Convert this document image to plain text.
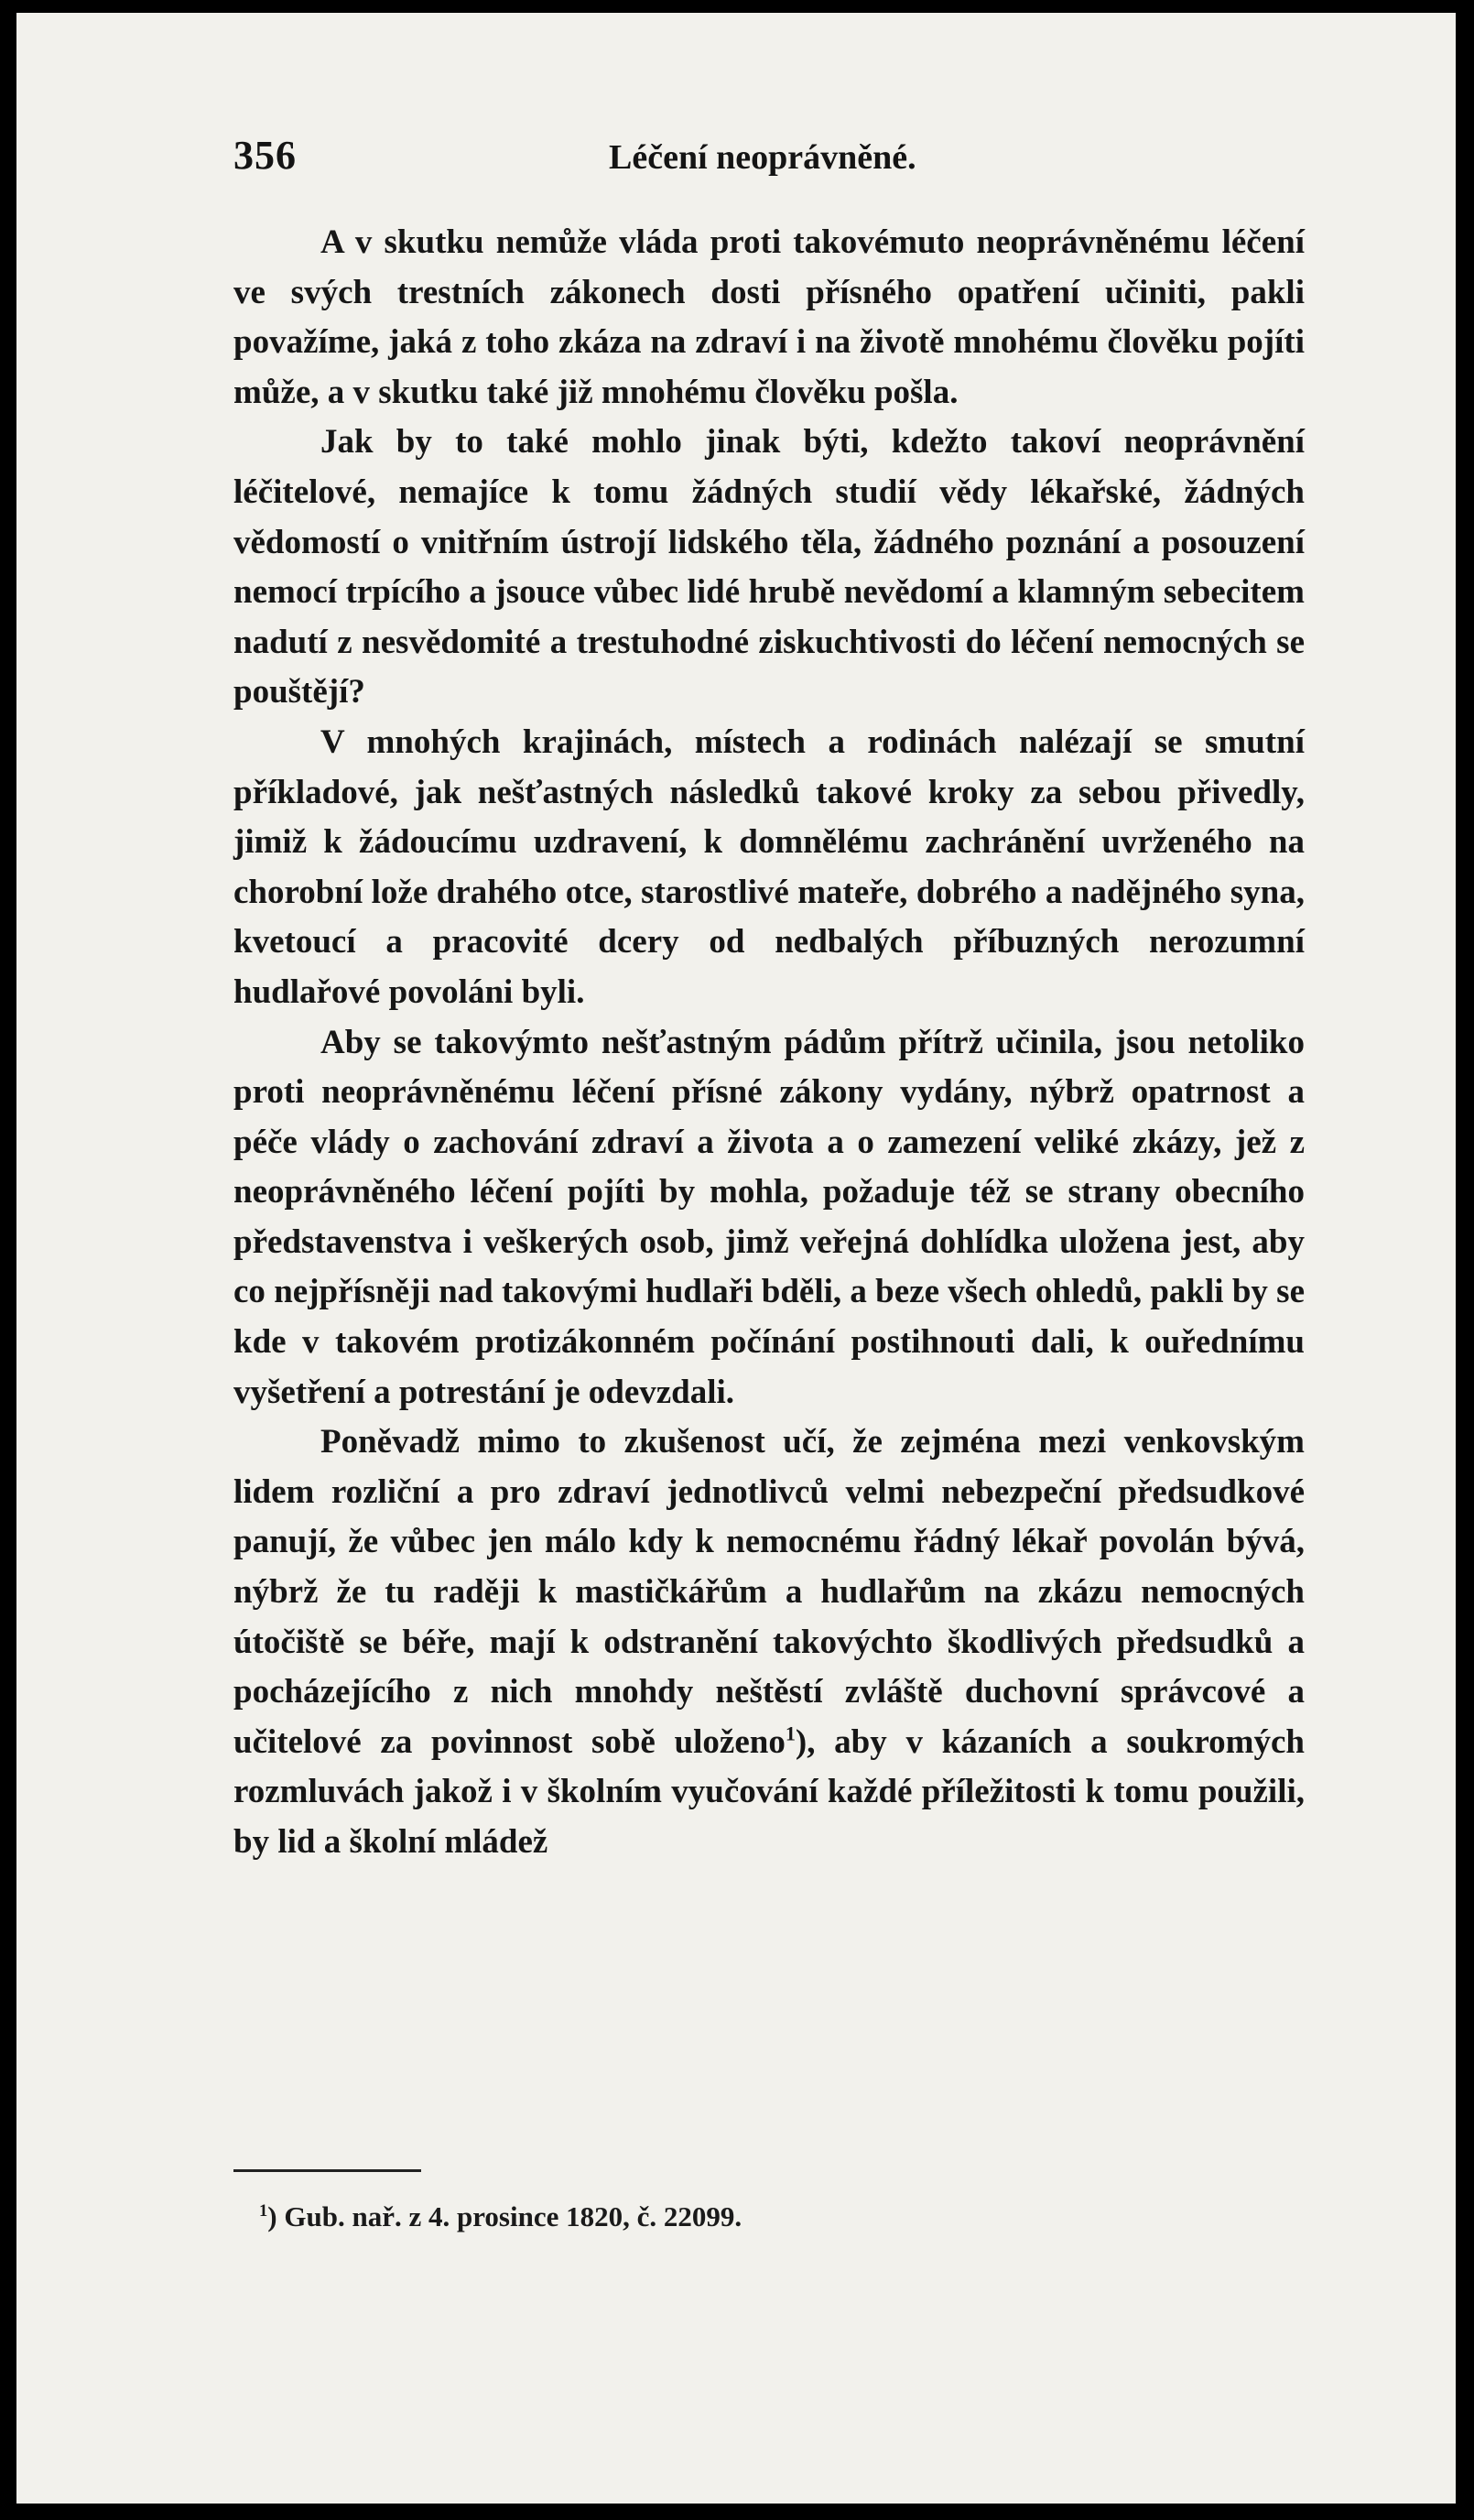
356	Léčení neoprávněné.

A v skutku nemůže vláda proti takovémuto neoprávněnému léčení ve svých trestních zákonech dosti přísného opatření učiniti, pakli považíme, jaká z toho zkáza na zdraví i na životě mnohému člověku pojíti může, a v skutku také již mnohému člověku pošla.

Jak by to také mohlo jinak býti, kdežto takoví neoprávnění léčitelové, nemajíce k tomu žádných studií vědy lékařské, žádných vědomostí o vnitřním ústrojí lidského těla, žádného poznání a posouzení nemocí trpícího a jsouce vůbec lidé hrubě nevědomí a klamným sebecitem nadutí z nesvědomité a trestuhodné ziskuchtivosti do léčení nemocných se pouštějí?

V mnohých krajinách, místech a rodinách nalézají se smutní příkladové, jak nešťastných následků takové kroky za sebou přivedly, jimiž k žádoucímu uzdravení, k domnělému zachránění uvrženého na chorobní lože drahého otce, starostlivé mateře, dobrého a nadějného syna, kvetoucí a pracovité dcery od nedbalých příbuzných nerozumní hudlařové povoláni byli.

Aby se takovýmto nešťastným pádům přítrž učinila, jsou netoliko proti neoprávněnému léčení přísné zákony vydány, nýbrž opatrnost a péče vlády o zachování zdraví a života a o zamezení veliké zkázy, jež z neoprávněného léčení pojíti by mohla, požaduje též se strany obecního představenstva i veškerých osob, jimž veřejná dohlídka uložena jest, aby co nejpřísněji nad takovými hudlaři bděli, a beze všech ohledů, pakli by se kde v takovém protizákonném počínání postihnouti dali, k ouřednímu vyšetření a potrestání je odevzdali.

Poněvadž mimo to zkušenost učí, že zejména mezi venkovským lidem rozliční a pro zdraví jednotlivců velmi nebezpeční předsudkové panují, že vůbec jen málo kdy k nemocnému řádný lékař povolán bývá, nýbrž že tu raději k mastičkářům a hudlařům na zkázu nemocných útočiště se béře, mají k odstranění takovýchto škodlivých předsudků a pocházejícího z nich mnohdy neštěstí zvláště duchovní správcové a učitelové za povinnost sobě uloženo$^1$), aby v kázaních a soukromých rozmluvách jakož i v školním vyučování každé příležitosti k tomu použili, by lid a školní mládež

$^1$) Gub. nař. z 4. prosince 1820, č. 22099.
